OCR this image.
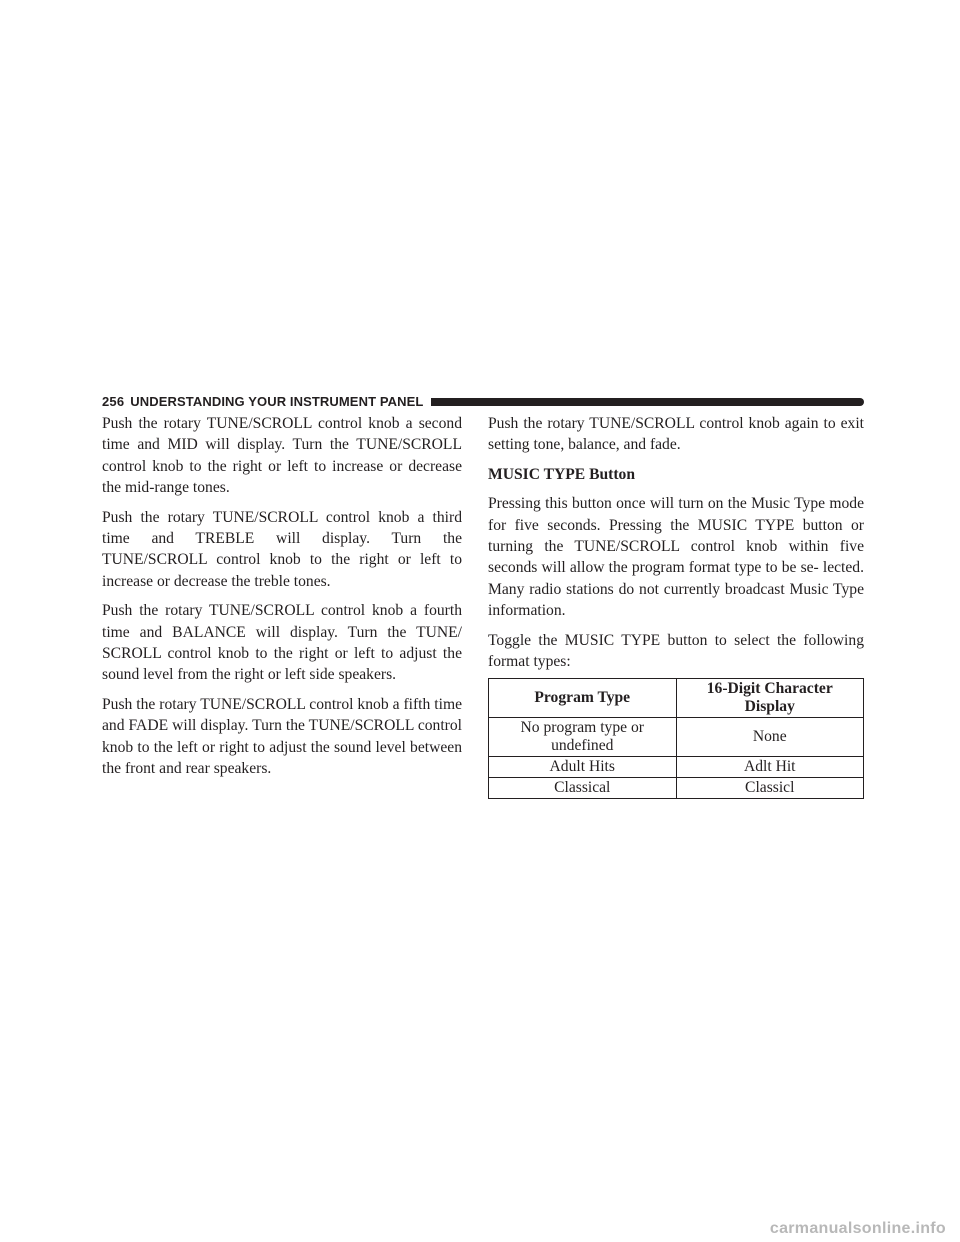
256 UNDERSTANDING YOUR INSTRUMENT PANEL

Push the rotary TUNE/SCROLL control knob a second time and MID will display. Turn the TUNE/SCROLL control knob to the right or left to increase or decrease the mid-range tones.

Push the rotary TUNE/SCROLL control knob a third time and TREBLE will display. Turn the TUNE/SCROLL control knob to the right or left to increase or decrease the treble tones.

Push the rotary TUNE/SCROLL control knob a fourth time and BALANCE will display. Turn the TUNE/ SCROLL control knob to the right or left to adjust the sound level from the right or left side speakers.

Push the rotary TUNE/SCROLL control knob a fifth time and FADE will display. Turn the TUNE/SCROLL control knob to the left or right to adjust the sound level between the front and rear speakers.

Push the rotary TUNE/SCROLL control knob again to exit setting tone, balance, and fade.

MUSIC TYPE Button

Pressing this button once will turn on the Music Type mode for five seconds. Pressing the MUSIC TYPE button or turning the TUNE/SCROLL control knob within five seconds will allow the program format type to be se- lected. Many radio stations do not currently broadcast Music Type information.

Toggle the MUSIC TYPE button to select the following format types:

Program Type	16-Digit Character Display
No program type or undefined	None
Adult Hits	Adlt Hit
Classical	Classicl
carmanualsonline.info
